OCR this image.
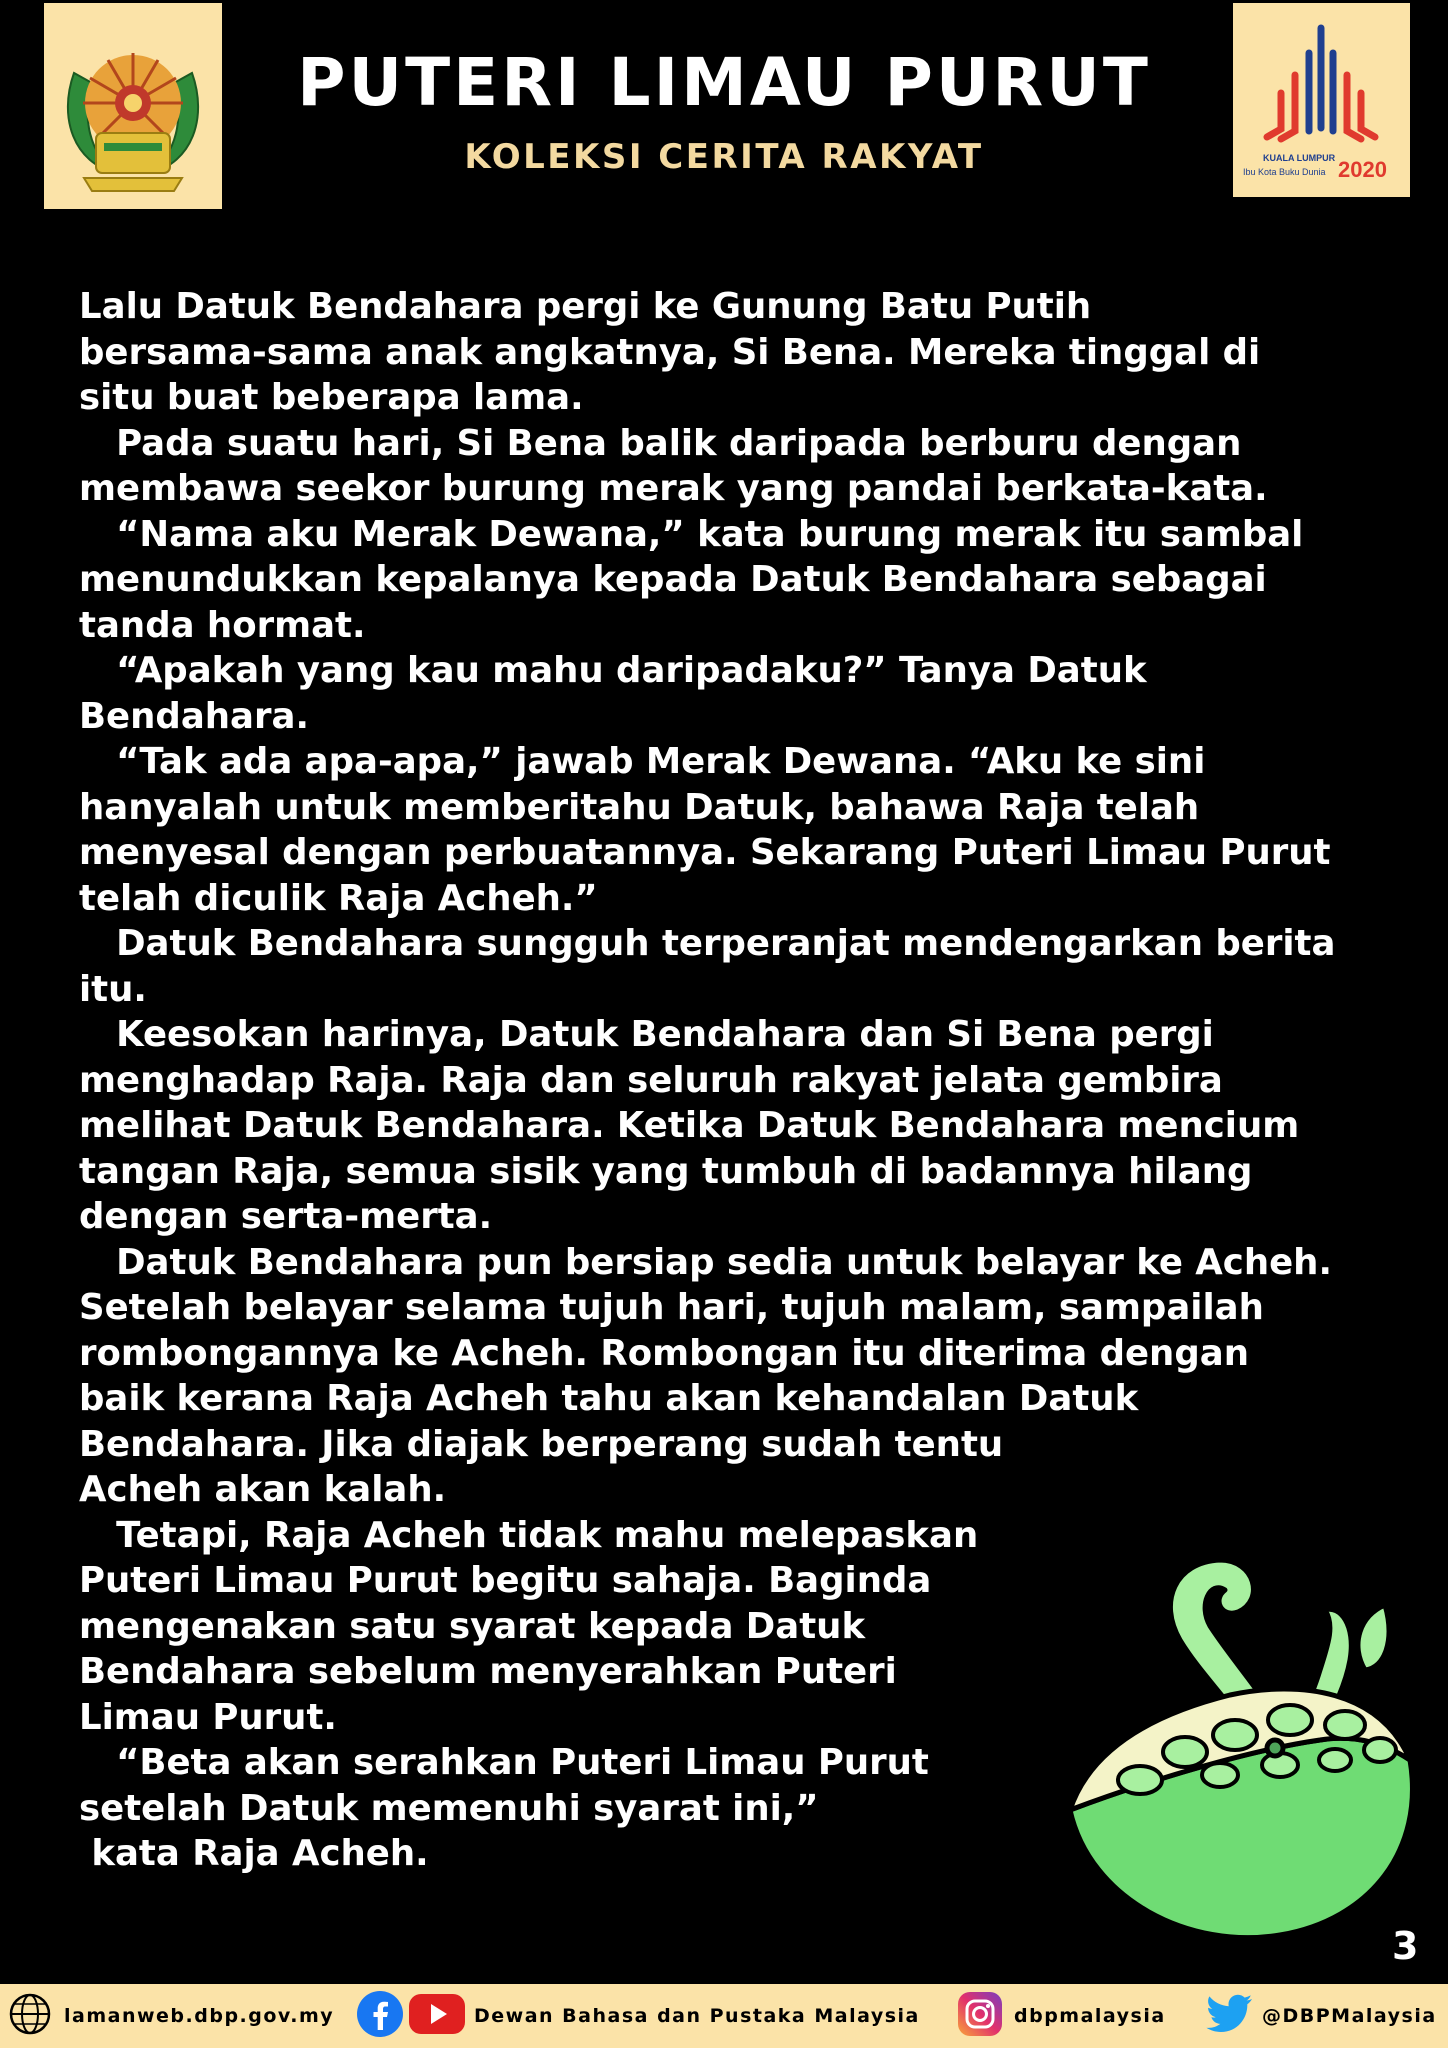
PUTERI LIMAU PURUT
KOLEKSI CERITA RAKYAT	KUALA LUMPUR
Ibu Kota Buku Dunia 2020
Lalu Datuk Bendahara pergi ke Gunung Batu Putih
bersama-sama anak angkatnya, Si Bena. Mereka tinggal di
situ buat beberapa lama.
Pada suatu hari, Si Bena balik daripada berburu dengan
membawa seekor burung merak yang pandai berkata-kata.
“Nama aku Merak Dewana,” kata burung merak itu sambal
menundukkan kepalanya kepada Datuk Bendahara sebagai
tanda hormat.
“Apakah yang kau mahu daripadaku?” Tanya Datuk
Bendahara.
“Tak ada apa-apa,” jawab Merak Dewana. “Aku ke sini
hanyalah untuk memberitahu Datuk, bahawa Raja telah
menyesal dengan perbuatannya. Sekarang Puteri Limau Purut
telah diculik Raja Acheh.”
Datuk Bendahara sungguh terperanjat mendengarkan berita
itu.
Keesokan harinya, Datuk Bendahara dan Si Bena pergi
menghadap Raja. Raja dan seluruh rakyat jelata gembira
melihat Datuk Bendahara. Ketika Datuk Bendahara mencium
tangan Raja, semua sisik yang tumbuh di badannya hilang
dengan serta-merta.
Datuk Bendahara pun bersiap sedia untuk belayar ke Acheh.
Setelah belayar selama tujuh hari, tujuh malam, sampailah
rombongannya ke Acheh. Rombongan itu diterima dengan
baik kerana Raja Acheh tahu akan kehandalan Datuk
Bendahara. Jika diajak berperang sudah tentu
Acheh akan kalah.
Tetapi, Raja Acheh tidak mahu melepaskan
Puteri Limau Purut begitu sahaja. Baginda
mengenakan satu syarat kepada Datuk
Bendahara sebelum menyerahkan Puteri
Limau Purut.
“Beta akan serahkan Puteri Limau Purut
setelah Datuk memenuhi syarat ini,”
kata Raja Acheh.
3
lamanweb.dbp.gov.my	Dewan Bahasa dan Pustaka Malaysia	dbpmalaysia	@DBPMalaysia
